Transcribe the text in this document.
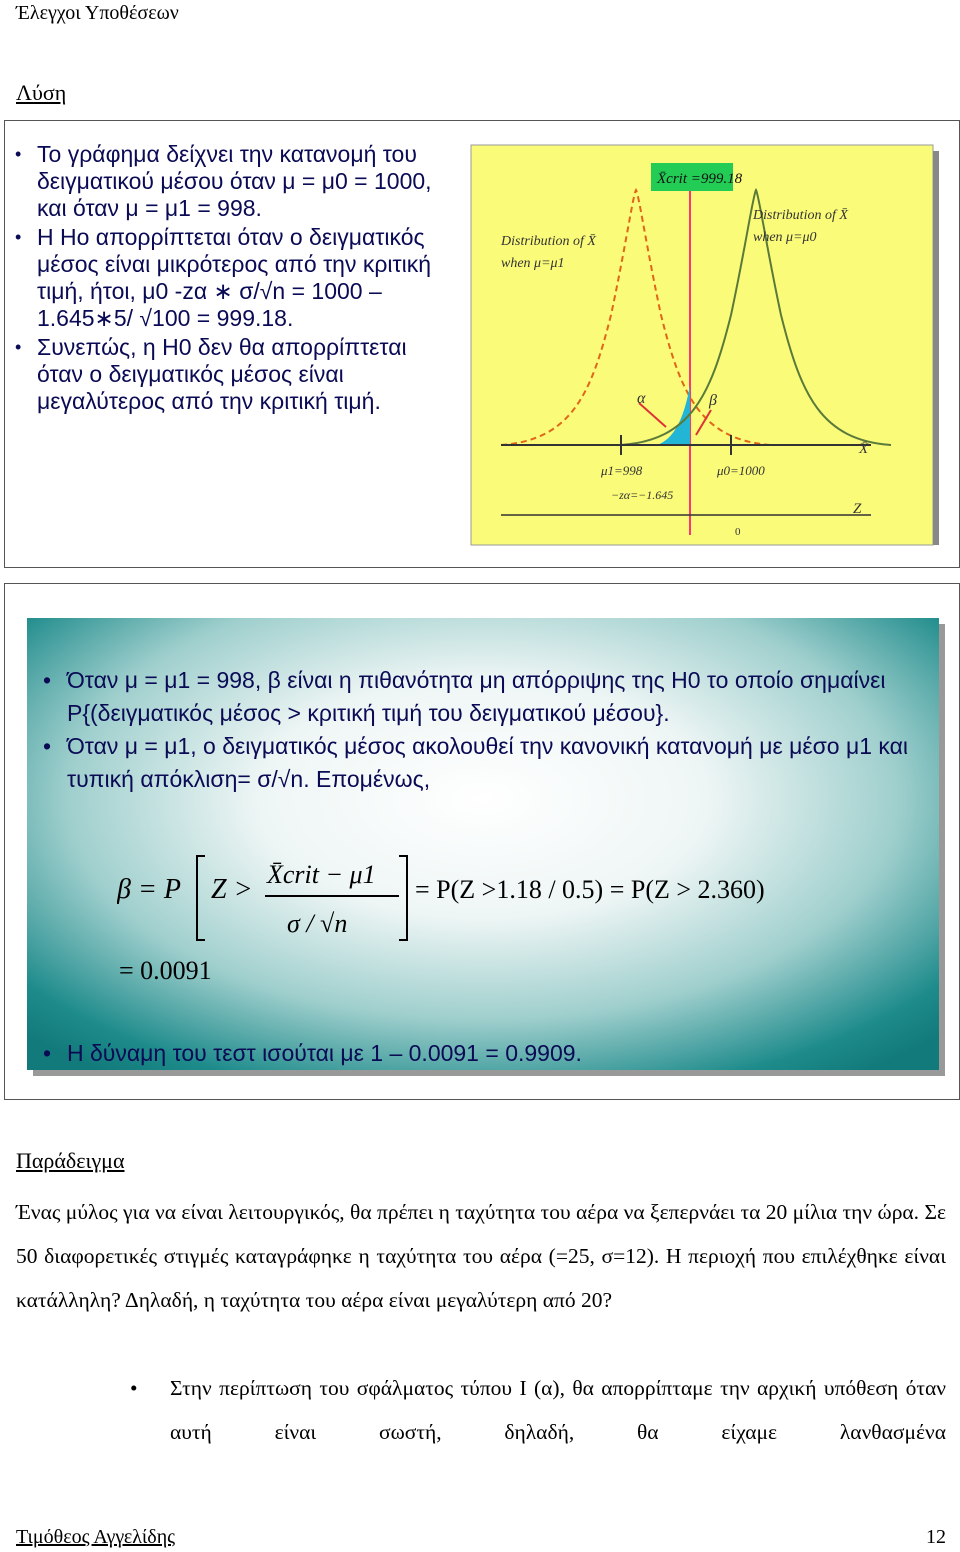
Έλεγχοι Υποθέσεων
Λύση
• Το γράφημα δείχνει την κατανομή του δειγματικού μέσου όταν μ = μ0 = 1000, και όταν μ = μ1 = 998.
• Η Ηο απορρίπτεται όταν ο δειγματικός μέσος είναι μικρότερος από την κριτική τιμή, ήτοι, μ0 -zα ∗ σ/√n = 1000 – 1.645∗5/ √100 = 999.18.
• Συνεπώς, η Η0 δεν θα απορρίπτεται όταν ο δειγματικός μέσος είναι μεγαλύτερος από την κριτική τιμή.
X̄crit =999.18
Distribution of X̄
when μ=μ1
Distribution of X̄
when μ=μ0
α	β
μ1=998	μ0=1000
−zα=−1.645
X̄
Z
0
• Όταν μ = μ1 = 998, β είναι η πιθανότητα μη απόρριψης της H0 το οποίο σημαίνει P{(δειγματικός μέσος > κριτική τιμή του δειγματικού μέσου}.
• Όταν μ = μ1, ο δειγματικός μέσος ακολουθεί την κανονική κατανομή με μέσο μ1 και τυπική απόκλιση= σ/√n. Επομένως,
β = P Z > X̄crit − μ1
σ / √n
= P(Z >1.18 / 0.5) = P(Z > 2.360)
= 0.0091
• Η δύναμη του τεστ ισούται με 1 – 0.0091 = 0.9909.
Παράδειγμα
Ένας μύλος για να είναι λειτουργικός, θα πρέπει η ταχύτητα του αέρα να ξεπερνάει τα 20 μίλια την ώρα. Σε 50 διαφορετικές στιγμές καταγράφηκε η ταχύτητα του αέρα (=25, σ=12). Η περιοχή που επιλέχθηκε είναι κατάλληλη? Δηλαδή, η ταχύτητα του αέρα είναι μεγαλύτερη από 20?
• Στην περίπτωση του σφάλματος τύπου Ι (α), θα απορρίπταμε την αρχική υπόθεση όταν αυτή είναι σωστή, δηλαδή, θα είχαμε λανθασμένα
Τιμόθεος Αγγελίδης	12
